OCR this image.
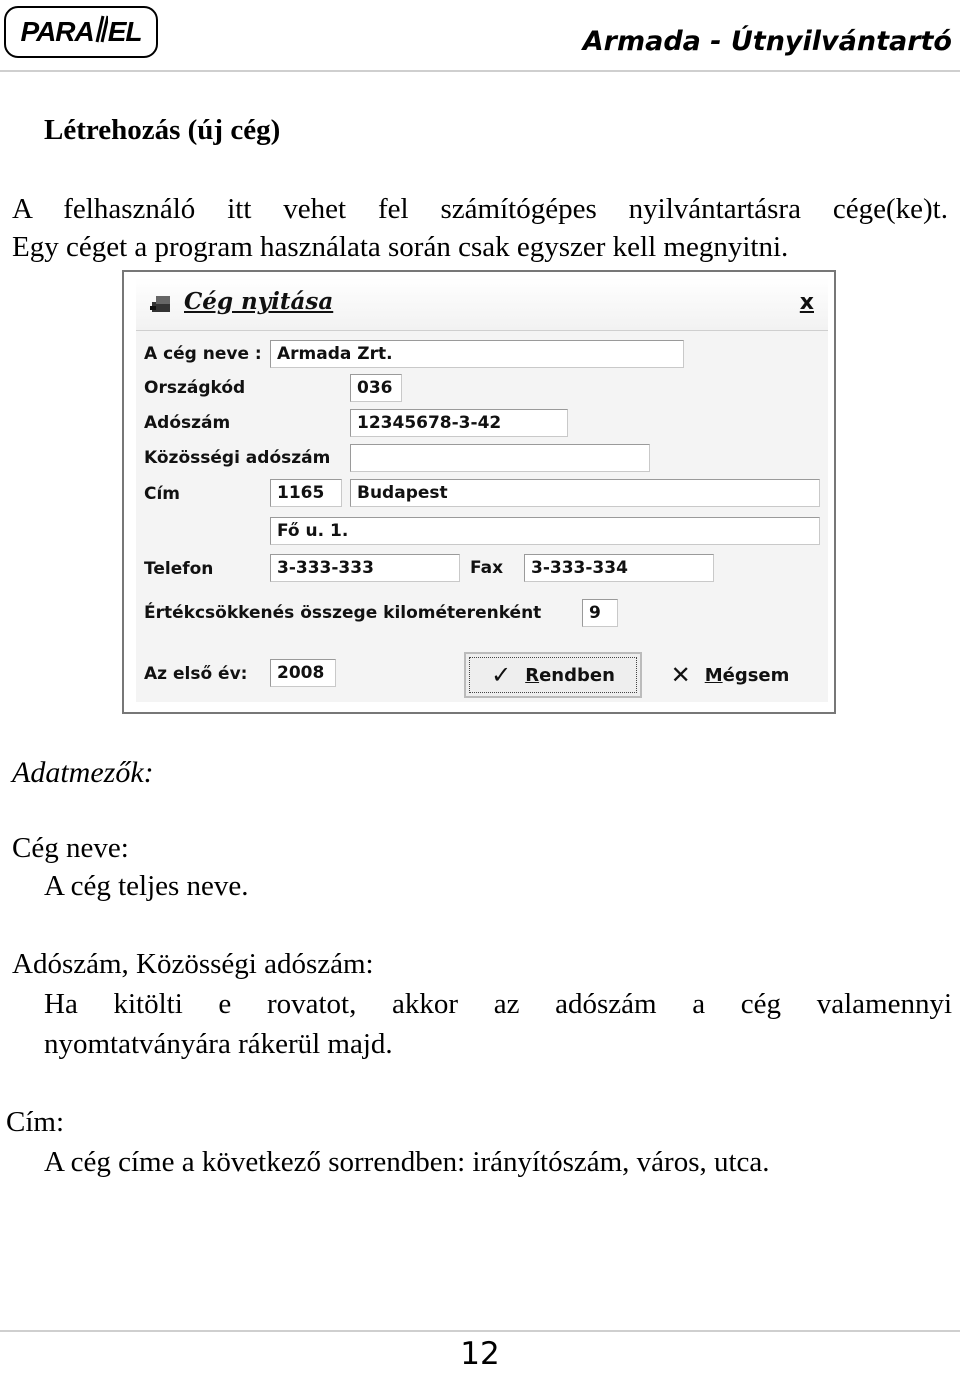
PARA EL	Armada - Útnyilvántartó
Létrehozás (új cég)
A felhasználó itt vehet fel számítógépes nyilvántartásra cége(ke)t.
Egy céget a program használata során csak egyszer kell megnyitni.
Cég nyitása	x
A cég neve : Armada Zrt.
Országkód	036
Adószám	12345678-3-42
Közösségi adószám
Cím	1165	Budapest
Fő u. 1.
Telefon	3-333-333	Fax	3-333-334
Értékcsökkenés összege kilométerenként	9
Az első év:	2008	✓ Rendben ✕ Mégsem
Adatmezők:
Cég neve:
A cég teljes neve.
Adószám, Közösségi adószám:
Ha kitölti e rovatot, akkor az adószám a cég valamennyi
nyomtatványára rákerül majd.
Cím:
A cég címe a következő sorrendben: irányítószám, város, utca.
12
